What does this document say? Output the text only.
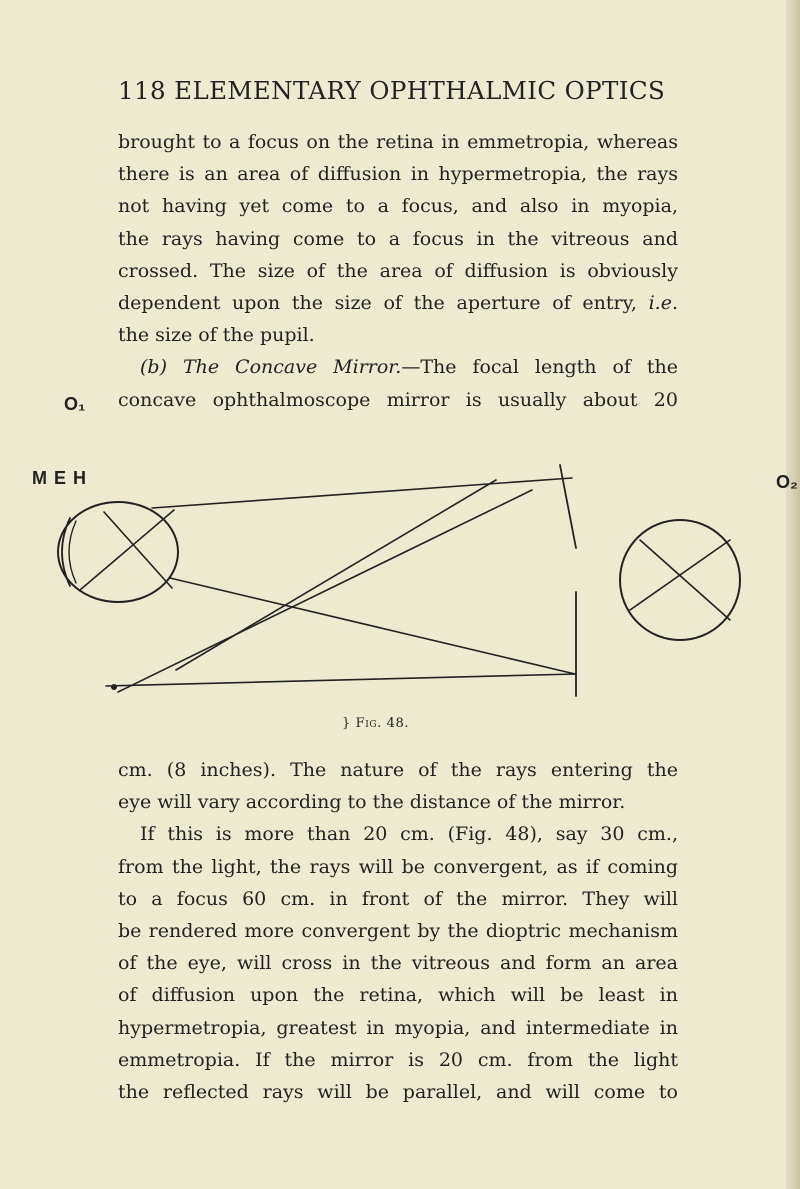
118 ELEMENTARY OPHTHALMIC OPTICS

brought to a focus on the retina in emmetropia, whereas
there is an area of diffusion in hypermetropia, the rays
not having yet come to a focus, and also in myopia,
the rays having come to a focus in the vitreous and
crossed. The size of the area of diffusion is obviously
dependent upon the size of the aperture of entry, i.e.
the size of the pupil.

(b) The Concave Mirror.—The focal length of the
concave ophthalmoscope mirror is usually about 20

O₁
M E H	O₂
} Fig. 48.

cm. (8 inches). The nature of the rays entering the
eye will vary according to the distance of the mirror.

If this is more than 20 cm. (Fig. 48), say 30 cm.,
from the light, the rays will be convergent, as if coming
to a focus 60 cm. in front of the mirror. They will
be rendered more convergent by the dioptric mechanism
of the eye, will cross in the vitreous and form an area
of diffusion upon the retina, which will be least in
hypermetropia, greatest in myopia, and intermediate in
emmetropia. If the mirror is 20 cm. from the light
the reflected rays will be parallel, and will come to
